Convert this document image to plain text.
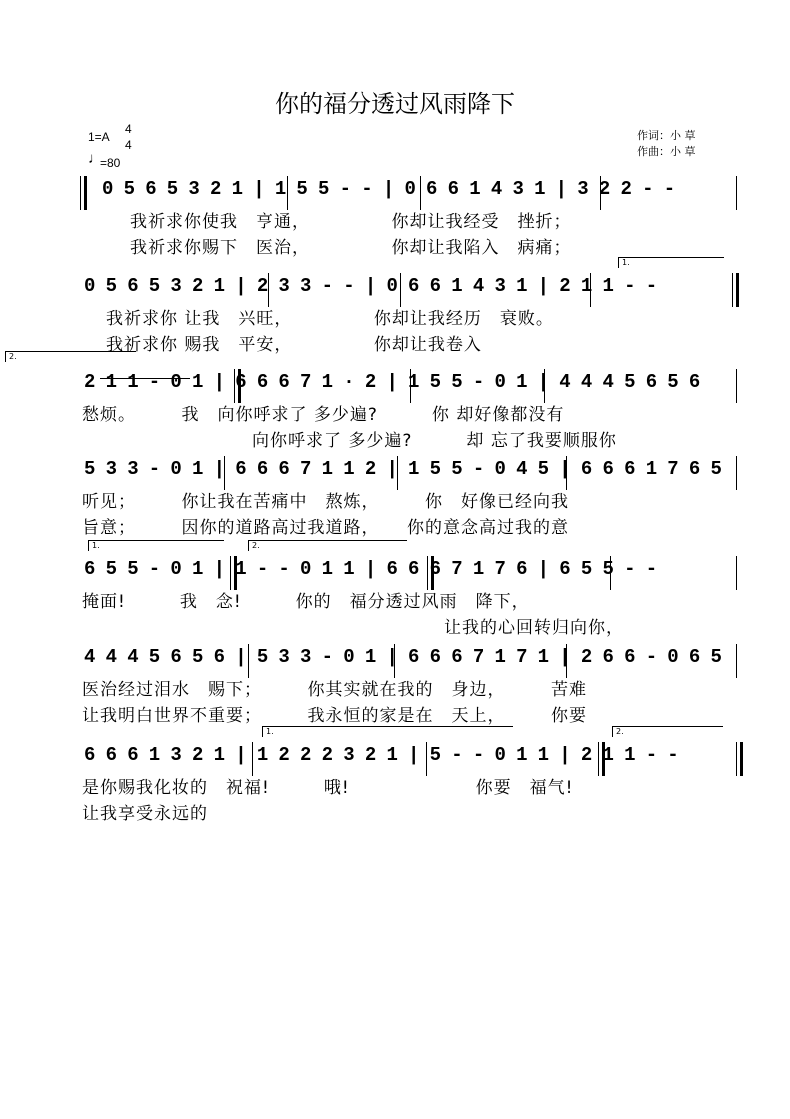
你的福分透过风雨降下
1=A
4
4
♩
=80
作词：小 草
作曲：小 草
0 5 6 5 3 2 1 | 1 5 5 - - | 0 6 6 1 4 3 1 | 3 2 2 - -
我祈求你使我　亨通，　　　　　你却让我经受　挫折；
我祈求你赐下　医治，　　　　　你却让我陷入　病痛；
0 5 6 5 3 2 1 | 2 3 3 - - | 0 6 6 1 4 3 1 | 2 1 1 - -
1.
我祈求你 让我　兴旺，　　　　　你却让我经历　衰败。
我祈求你 赐我　平安，　　　　　你却让我卷入
2 1 1 - 0 1 | 6 6 6 7 1 · 2 | 1 5 5 - 0 1 | 4 4 4 5 6 5 6
2.
愁烦。　　　我　向你呼求了 多少遍?　　　你 却好像都没有
向你呼求了 多少遍?　　　却 忘了我要顺服你
5 3 3 - 0 1 | 6 6 6 7 1 1 2 | 1 5 5 - 0 4 5 | 6 6 6 1 7 6 5
听见；　　　你让我在苦痛中　熬炼，　　　你　好像已经向我
旨意；　　　因你的道路高过我道路，　　你的意念高过我的意
6 5 5 - 0 1 | 1 - - 0 1 1 | 6 6 6 7 1 7 6 | 6 5 5 - -
1.	2.
掩面!　　　我　念!　　　你的　福分透过风雨　降下，
让我的心回转归向你，
4 4 4 5 6 5 6 | 5 3 3 - 0 1 | 6 6 6 7 1 7 1 | 2 6 6 - 0 6 5
医治经过泪水　赐下；　　　你其实就在我的　身边，　　　苦难
让我明白世界不重要；　　　我永恒的家是在　天上，　　　你要
6 6 6 1 3 2 1 | 1 2 2 2 3 2 1 | 5 - - 0 1 1 | 2 1 1 - -
1.	2.
是你赐我化妆的　祝福!　　　哦!　　　　　　　你要　福气!
让我享受永远的
